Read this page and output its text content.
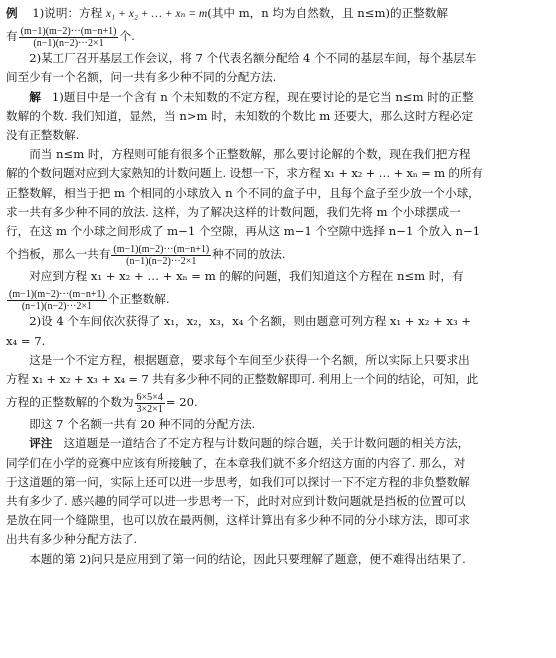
例 1)说明：方程 x₁ + x₂ + … + xₙ = m(其中 m，n 均为自然数，且 n≤m)的正整数解

有 $\frac{(m-1)(m-2)\cdot\cdot\cdot(m-n+1)}{(n-1)(n-2)\cdot\cdot\cdot 2\times 1}$ 个.

2)某工厂召开基层工作会议，将 7 个代表名额分配给 4 个不同的基层车间，每个基层车

间至少有一个名额，问一共有多少种不同的分配方法.

解 1)题目中是一个含有 n 个未知数的不定方程，现在要讨论的是它当 n≤m 时的正整

数解的个数. 我们知道，显然，当 n>m 时，未知数的个数比 m 还要大，那么这时方程必定

没有正整数解.

而当 n≤m 时，方程则可能有很多个正整数解，那么要讨论解的个数，现在我们把方程

解的个数问题对应到大家熟知的计数问题上. 设想一下，求方程 x₁ + x₂ + … + xₙ = m 的所有

正整数解，相当于把 m 个相同的小球放入 n 个不同的盒子中，且每个盒子至少放一个小球，

求一共有多少种不同的放法. 这样，为了解决这样的计数问题，我们先将 m 个小球摆成一

行，在这 m 个小球之间形成了 m−1 个空隙，再从这 m−1 个空隙中选择 n−1 个放入 n−1

个挡板，那么一共有 $\frac{(m-1)(m-2)\cdot\cdot\cdot(m-n+1)}{(n-1)(n-2)\cdot\cdot\cdot 2\times 1}$ 种不同的放法.

对应到方程 x₁ + x₂ + … + xₙ = m 的解的问题，我们知道这个方程在 n≤m 时，有

$\frac{(m-1)(m-2)\cdot\cdot\cdot(m-n+1)}{(n-1)(n-2)\cdot\cdot\cdot 2\times 1}$ 个正整数解.

2)设 4 个车间依次获得了 x₁，x₂，x₃，x₄ 个名额，则由题意可列方程 x₁ + x₂ + x₃ +

x₄ = 7.

这是一个不定方程，根据题意，要求每个车间至少获得一个名额，所以实际上只要求出

方程 x₁ + x₂ + x₃ + x₄ = 7 共有多少种不同的正整数解即可. 利用上一个问的结论，可知，此

方程的正整数解的个数为 $\frac{6\times 5\times 4}{3\times 2\times 1} = 20$.

即这 7 个名额一共有 20 种不同的分配方法.

评注 这道题是一道结合了不定方程与计数问题的综合题，关于计数问题的相关方法，

同学们在小学的竞赛中应该有所接触了，在本章我们就不多介绍这方面的内容了. 那么，对

于这道题的第一问，实际上还可以进一步思考，如我们可以探讨一下不定方程的非负整数解

共有多少了. 感兴趣的同学可以进一步思考一下，此时对应到计数问题就是挡板的位置可以

是放在同一个缝隙里，也可以放在最两侧，这样计算出有多少种不同的分小球方法，即可求

出共有多少种分配方法了.

本题的第 2)问只是应用到了第一问的结论，因此只要理解了题意，便不难得出结果了.
